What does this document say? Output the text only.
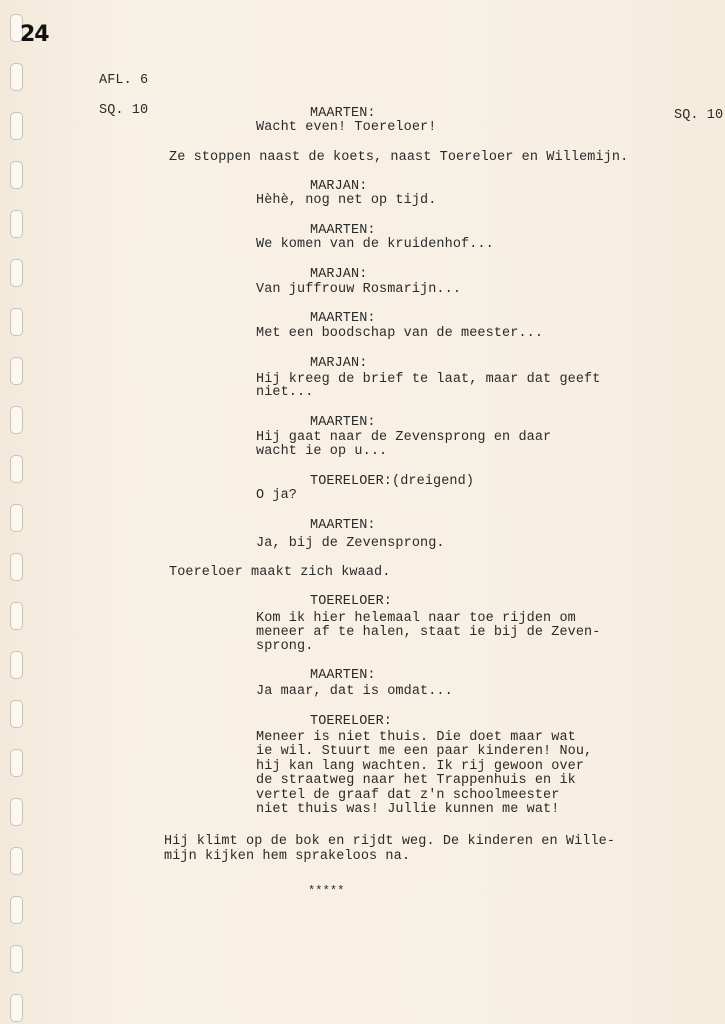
24
AFL. 6
SQ. 10	SQ. 10
MAARTEN:
Wacht even! Toereloer!
Ze stoppen naast de koets, naast Toereloer en Willemijn.
MARJAN:
Hèhè, nog net op tijd.
MAARTEN:
We komen van de kruidenhof...
MARJAN:
Van juffrouw Rosmarijn...
MAARTEN:
Met een boodschap van de meester...
MARJAN:
Hij kreeg de brief te laat, maar dat geeft
niet...
MAARTEN:
Hij gaat naar de Zevensprong en daar
wacht ie op u...
TOERELOER:(dreigend)
O ja?
MAARTEN:
Ja, bij de Zevensprong.
Toereloer maakt zich kwaad.
TOERELOER:
Kom ik hier helemaal naar toe rijden om
meneer af te halen, staat ie bij de Zeven-
sprong.
MAARTEN:
Ja maar, dat is omdat...
TOERELOER:
Meneer is niet thuis. Die doet maar wat
ie wil. Stuurt me een paar kinderen! Nou,
hij kan lang wachten. Ik rij gewoon over
de straatweg naar het Trappenhuis en ik
vertel de graaf dat z'n schoolmeester
niet thuis was! Jullie kunnen me wat!
Hij klimt op de bok en rijdt weg. De kinderen en Wille-
mijn kijken hem sprakeloos na.
*****
